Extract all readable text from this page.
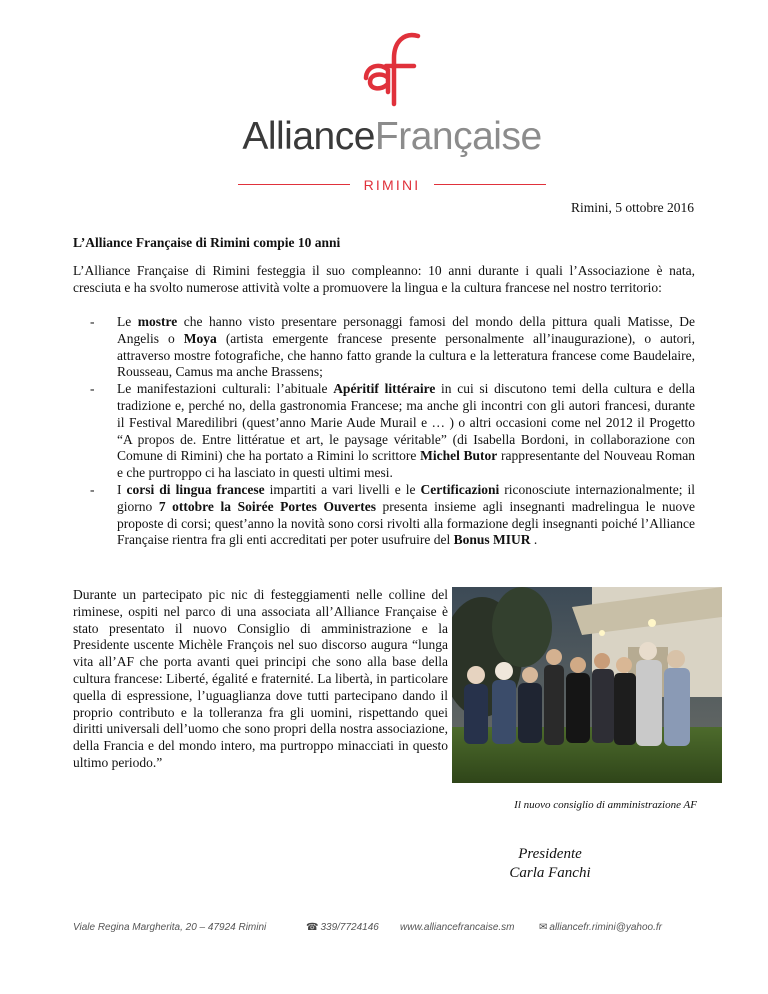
AllianceFrançaise
RIMINI
Rimini, 5 ottobre 2016
L’Alliance Française di Rimini compie 10 anni

L’Alliance Française di Rimini festeggia il suo compleanno: 10 anni durante i quali l’Associazione è nata, cresciuta e ha svolto numerose attività volte a promuovere la lingua e la cultura francese nel nostro territorio:

- Le mostre che hanno visto presentare personaggi famosi del mondo della pittura quali Matisse, De Angelis o Moya (artista emergente francese presente personalmente all’inaugurazione), o autori, attraverso mostre fotografiche, che hanno fatto grande la cultura e la letteratura francese come Baudelaire, Rousseau, Camus ma anche Brassens;
- Le manifestazioni culturali: l’abituale Apéritif littéraire in cui si discutono temi della cultura e della tradizione e, perché no, della gastronomia Francese; ma anche gli incontri con gli autori francesi, durante il Festival Maredilibri (quest’anno Marie Aude Murail e … ) o altri occasioni come nel 2012 il Progetto “A propos de. Entre littératue et art, le paysage véritable” (di Isabella Bordoni, in collaborazione con Comune di Rimini) che ha portato a Rimini lo scrittore Michel Butor rappresentante del Nouveau Roman e che purtroppo ci ha lasciato in questi ultimi mesi.
- I corsi di lingua francese impartiti a vari livelli e le Certificazioni riconosciute internazionalmente; il giorno 7 ottobre la Soirée Portes Ouvertes presenta insieme agli insegnanti madrelingua le nuove proposte di corsi; quest’anno la novità sono corsi rivolti alla formazione degli insegnanti poiché l’Alliance Française rientra fra gli enti accreditati per poter usufruire del Bonus MIUR .

Durante un partecipato pic nic di festeggiamenti nelle colline del riminese, ospiti nel parco di una associata all’Alliance Française è stato presentato il nuovo Consiglio di amministrazione e la Presidente uscente Michèle François nel suo discorso augura “lunga vita all’AF che porta avanti quei principi che sono alla base della cultura francese: Liberté, égalité e fraternité. La libertà, in particolare quella di espressione, l’uguaglianza dove tutti partecipano dando il proprio contributo e la tolleranza fra gli uomini, rispettando quei diritti universali dell’uomo che sono propri della nostra associazione, della Francia e del mondo intero, ma purtroppo minacciati in questo ultimo periodo.”

Il nuovo consiglio di amministrazione AF
Presidente
Carla Fanchi
Viale Regina Margherita, 20 – 47924 Rimini	☎ 339/7724146 www.alliancefrancaise.sm ✉ alliancefr.rimini@yahoo.fr
